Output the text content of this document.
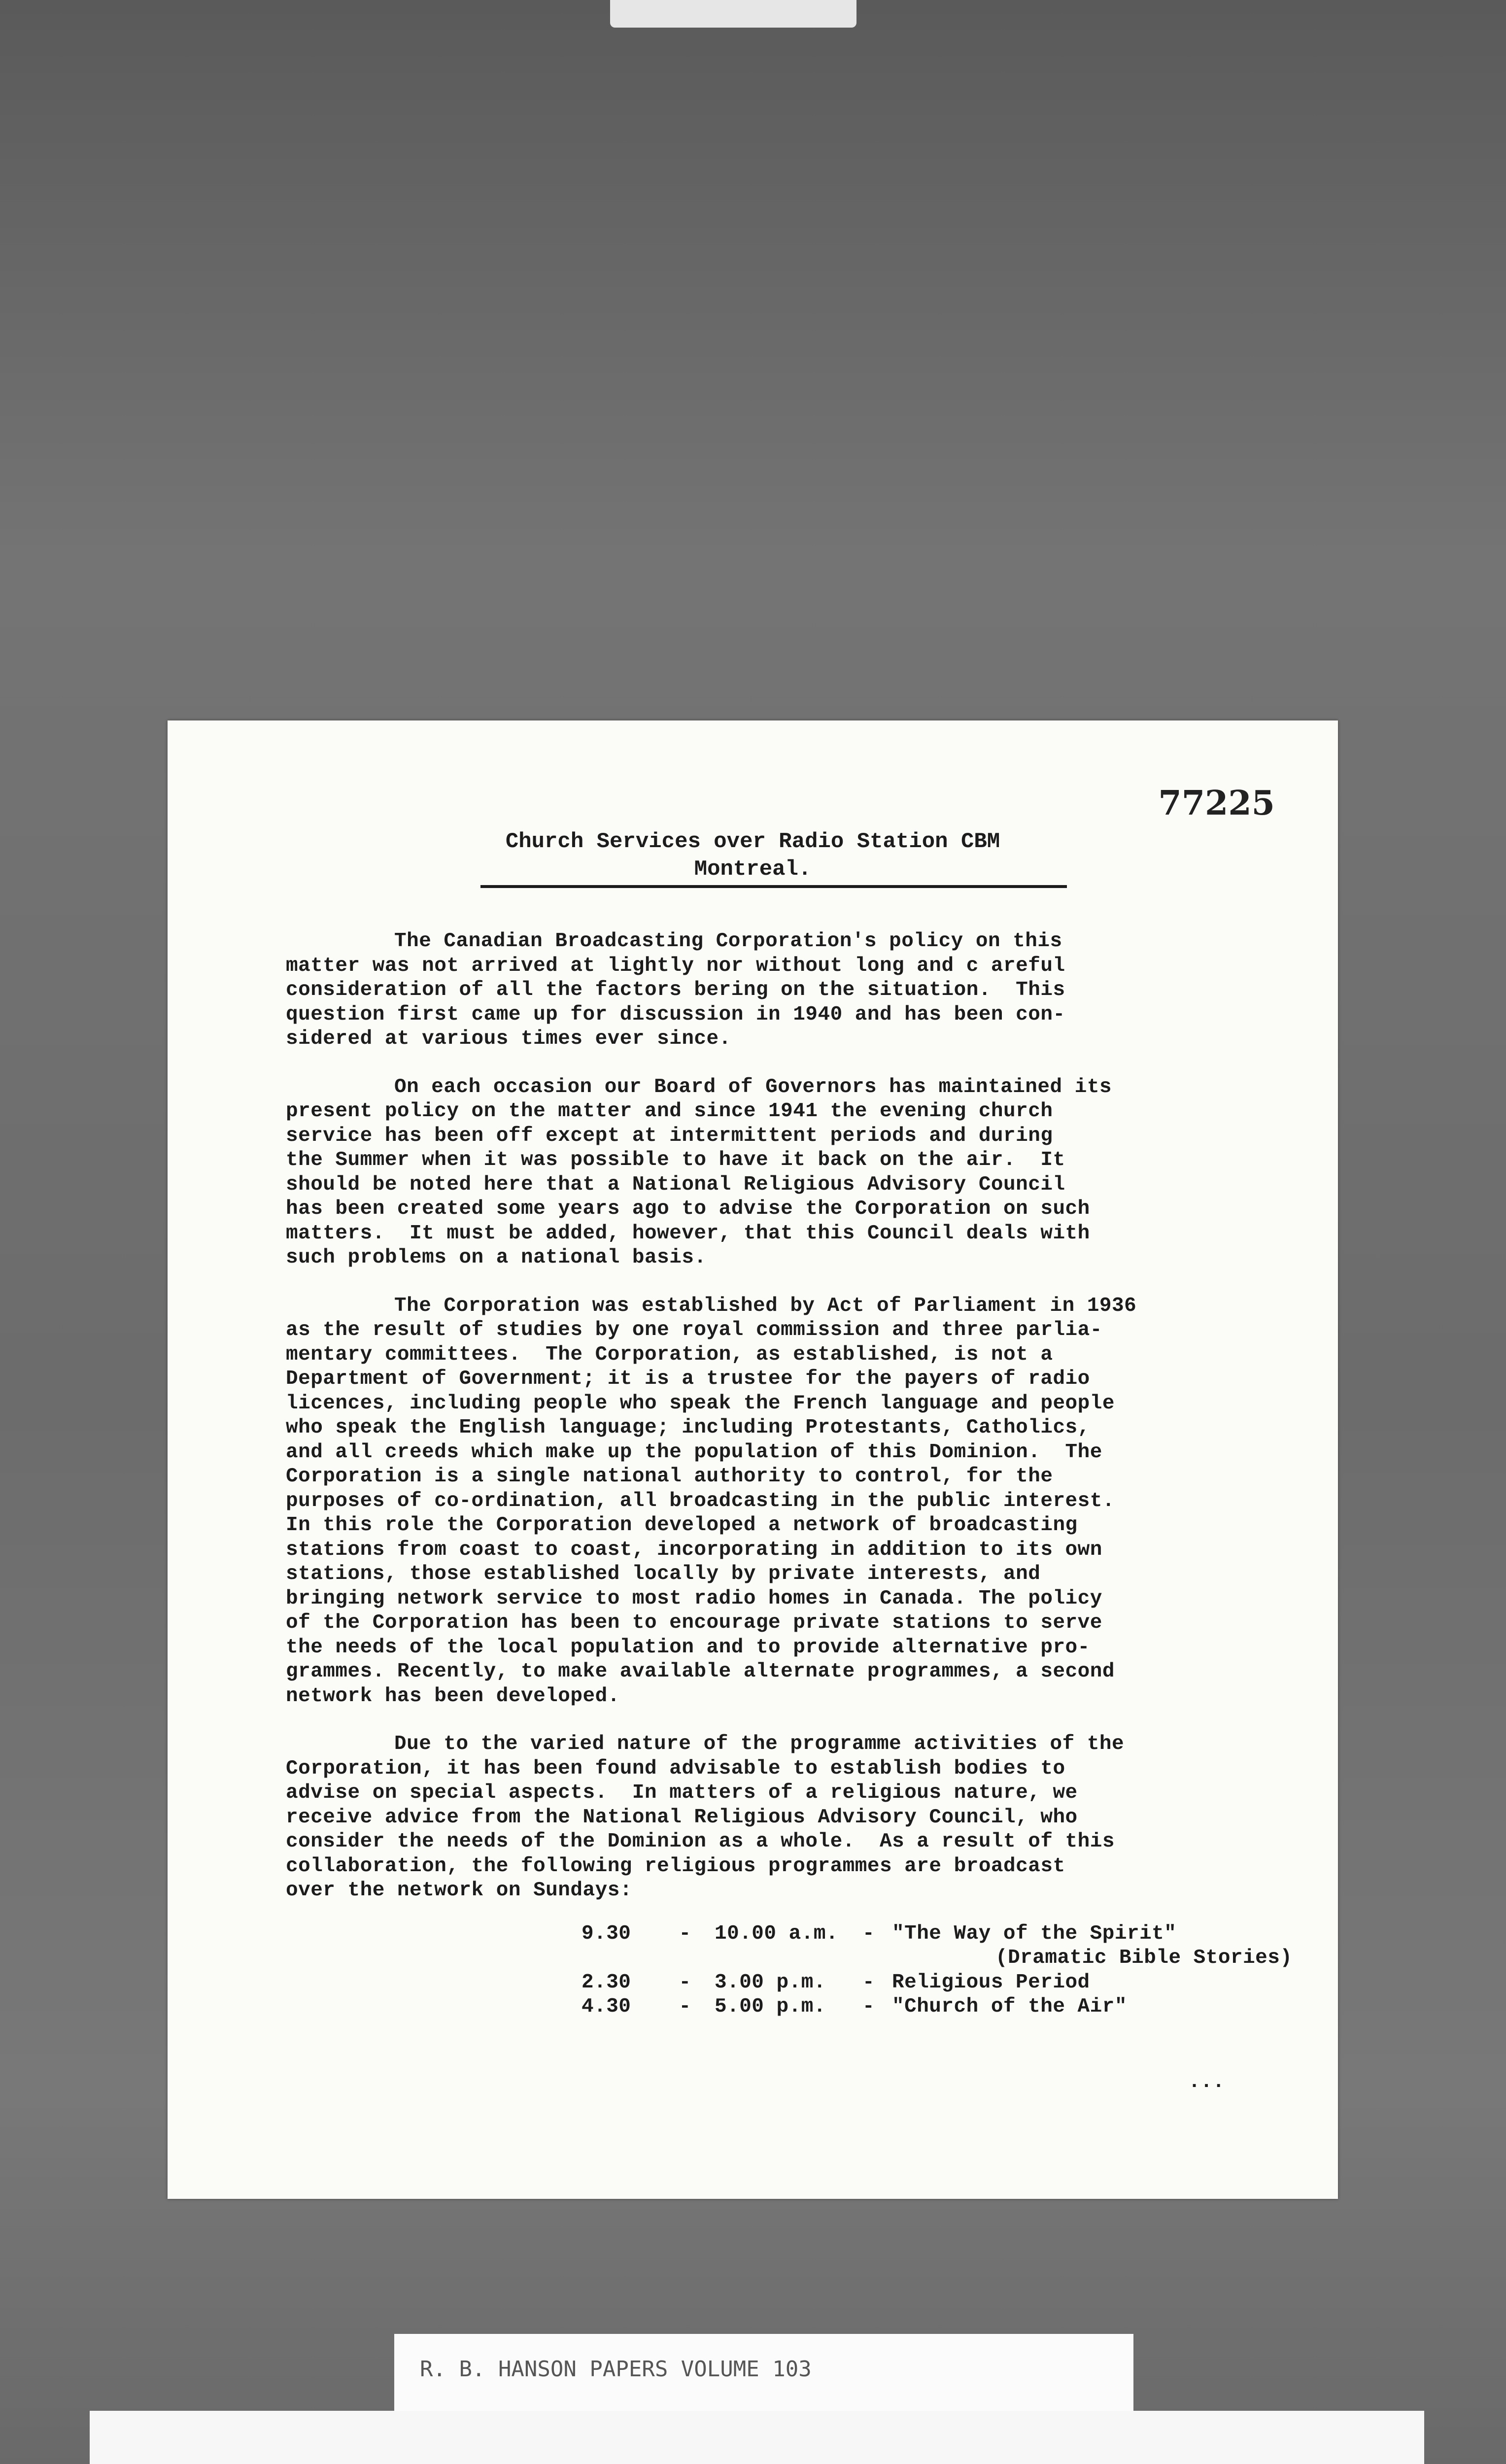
77225
Church Services over Radio Station CBM
Montreal.
The Canadian Broadcasting Corporation's policy on this
matter was not arrived at lightly nor without long and c areful
consideration of all the factors bering on the situation.  This
question first came up for discussion in 1940 and has been con-
sidered at various times ever since.
On each occasion our Board of Governors has maintained its
present policy on the matter and since 1941 the evening church
service has been off except at intermittent periods and during
the Summer when it was possible to have it back on the air.  It
should be noted here that a National Religious Advisory Council
has been created some years ago to advise the Corporation on such
matters.  It must be added, however, that this Council deals with
such problems on a national basis.
The Corporation was established by Act of Parliament in 1936
as the result of studies by one royal commission and three parlia-
mentary committees.  The Corporation, as established, is not a
Department of Government; it is a trustee for the payers of radio
licences, including people who speak the French language and people
who speak the English language; including Protestants, Catholics,
and all creeds which make up the population of this Dominion.  The
Corporation is a single national authority to control, for the
purposes of co-ordination, all broadcasting in the public interest.
In this role the Corporation developed a network of broadcasting
stations from coast to coast, incorporating in addition to its own
stations, those established locally by private interests, and
bringing network service to most radio homes in Canada. The policy
of the Corporation has been to encourage private stations to serve
the needs of the local population and to provide alternative pro-
grammes. Recently, to make available alternate programmes, a second
network has been developed.
Due to the varied nature of the programme activities of the
Corporation, it has been found advisable to establish bodies to
advise on special aspects.  In matters of a religious nature, we
receive advice from the National Religious Advisory Council, who
consider the needs of the Dominion as a whole.  As a result of this
collaboration, the following religious programmes are broadcast
over the network on Sundays:
9.30	-	10.00 a.m.	- "The Way of the Spirit"
(Dramatic Bible Stories)
2.30	-	3.00 p.m.	- Religious Period
4.30	-	5.00 p.m.	- "Church of the Air"
...
R. B. HANSON PAPERS VOLUME 103
